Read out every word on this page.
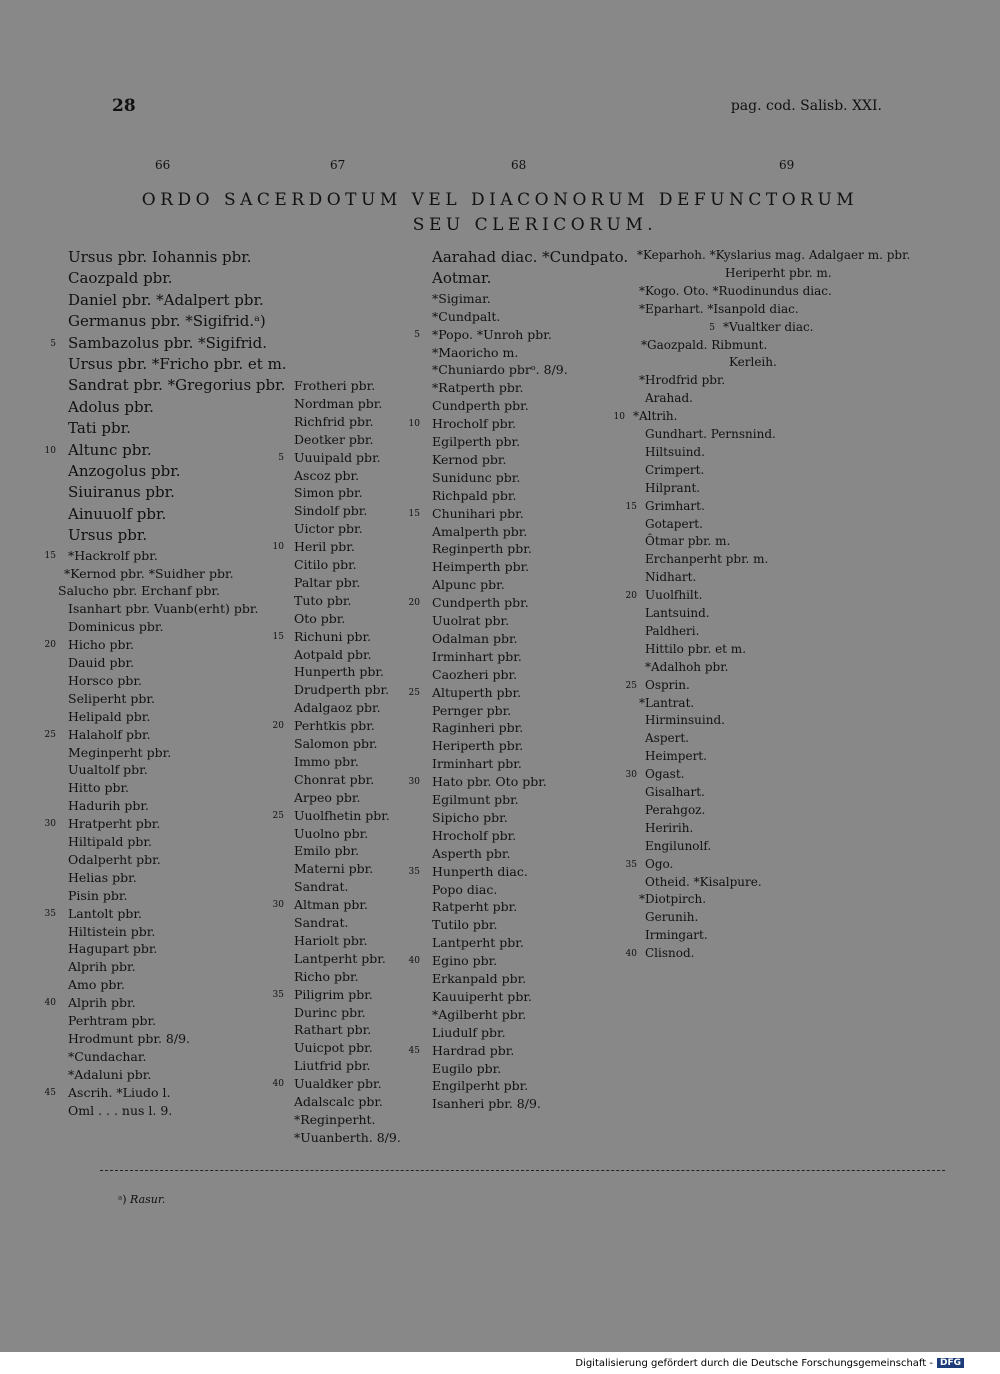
28	pag. cod. Salisb. XXI.
66	67	68	69
ORDO SACERDOTUM VEL DIACONORUM DEFUNCTORUM
SEU CLERICORUM.
Ursus pbr. Iohannis pbr.
Caozpald pbr.
Daniel pbr. *Adalpert pbr.
Germanus pbr. *Sigifrid.ᵃ)
Sambazolus pbr. *Sigifrid.
5
Ursus pbr. *Fricho pbr. et m.
Sandrat pbr. *Gregorius pbr.
Adolus pbr.
Tati pbr.
Altunc pbr.
10
Anzogolus pbr.
Siuiranus pbr.
Ainuuolf pbr.
Ursus pbr.
*Hackrolf pbr.
15
*Kernod pbr. *Suidher pbr.
Salucho pbr. Erchanf pbr.
Isanhart pbr. Vuanb(erht) pbr.
Dominicus pbr.
Hicho pbr.
20
Dauid pbr.
Horsco pbr.
Seliperht pbr.
Helipald pbr.
Halaholf pbr.
25
Meginperht pbr.
Uualtolf pbr.
Hitto pbr.
Hadurih pbr.
Hratperht pbr.
30
Hiltipald pbr.
Odalperht pbr.
Helias pbr.
Pisin pbr.
Lantolt pbr.
35
Hiltistein pbr.
Hagupart pbr.
Alprih pbr.
Amo pbr.
Alprih pbr.
40
Perhtram pbr.
Hrodmunt pbr. 8/9.
*Cundachar.
*Adaluni pbr.
Ascrih. *Liudo l.
45
Oml . . . nus l. 9.
Frotheri pbr.
Nordman pbr.
Richfrid pbr.
Deotker pbr.
Uuuipald pbr.
5
Ascoz pbr.
Simon pbr.
Sindolf pbr.
Uictor pbr.
Heril pbr.
10
Citilo pbr.
Paltar pbr.
Tuto pbr.
Oto pbr.
Richuni pbr.
15
Aotpald pbr.
Hunperth pbr.
Drudperth pbr.
Adalgaoz pbr.
Perhtkis pbr.
20
Salomon pbr.
Immo pbr.
Chonrat pbr.
Arpeo pbr.
Uuolfhetin pbr.
25
Uuolno pbr.
Emilo pbr.
Materni pbr.
Sandrat.
Altman pbr.
30
Sandrat.
Hariolt pbr.
Lantperht pbr.
Richo pbr.
Piligrim pbr.
35
Durinc pbr.
Rathart pbr.
Uuicpot pbr.
Liutfrid pbr.
Uualdker pbr.
40
Adalscalc pbr.
*Reginperht.
*Uuanberth. 8/9.
Aarahad diac. *Cundpato.
Aotmar.
*Sigimar.
*Cundpalt.
*Popo. *Unroh pbr.
5
*Maoricho m.
*Chuniardo pbrᵒ. 8/9.
*Ratperth pbr.
Cundperth pbr.
Hrocholf pbr.
10
Egilperth pbr.
Kernod pbr.
Sunidunc pbr.
Richpald pbr.
Chunihari pbr.
15
Amalperth pbr.
Reginperth pbr.
Heimperth pbr.
Alpunc pbr.
Cundperth pbr.
20
Uuolrat pbr.
Odalman pbr.
Irminhart pbr.
Caozheri pbr.
Altuperth pbr.
25
Pernger pbr.
Raginheri pbr.
Heriperth pbr.
Irminhart pbr.
Hato pbr. Oto pbr.
30
Egilmunt pbr.
Sipicho pbr.
Hrocholf pbr.
Asperth pbr.
Hunperth diac.
35
Popo diac.
Ratperht pbr.
Tutilo pbr.
Lantperht pbr.
Egino pbr.
40
Erkanpald pbr.
Kauuiperht pbr.
*Agilberht pbr.
Liudulf pbr.
Hardrad pbr.
45
Eugilo pbr.
Engilperht pbr.
Isanheri pbr. 8/9.
*Keparhoh. *Kyslarius mag. Adalgaer m. pbr.
Heriperht pbr. m.
*Kogo. Oto. *Ruodinundus diac.
*Eparhart. *Isanpold diac.
*Vualtker diac.
5
*Gaozpald. Ribmunt.
Kerleih.
*Hrodfrid pbr.
Arahad.
*Altrih.
10
Gundhart. Pernsnind.
Hiltsuind.
Crimpert.
Hilprant.
Grimhart.
15
Gotapert.
Ôtmar pbr. m.
Erchanperht pbr. m.
Nidhart.
Uuolfhilt.
20
Lantsuind.
Paldheri.
Hittilo pbr. et m.
*Adalhoh pbr.
Osprin.
25
*Lantrat.
Hirminsuind.
Aspert.
Heimpert.
Ogast.
30
Gisalhart.
Perahgoz.
Heririh.
Engilunolf.
Ogo.
35
Otheid. *Kisalpure.
*Diotpirch.
Gerunih.
Irmingart.
Clisnod.
40
ᵃ) Rasur.
Digitalisierung gefördert durch die Deutsche Forschungsgemeinschaft - DFG
